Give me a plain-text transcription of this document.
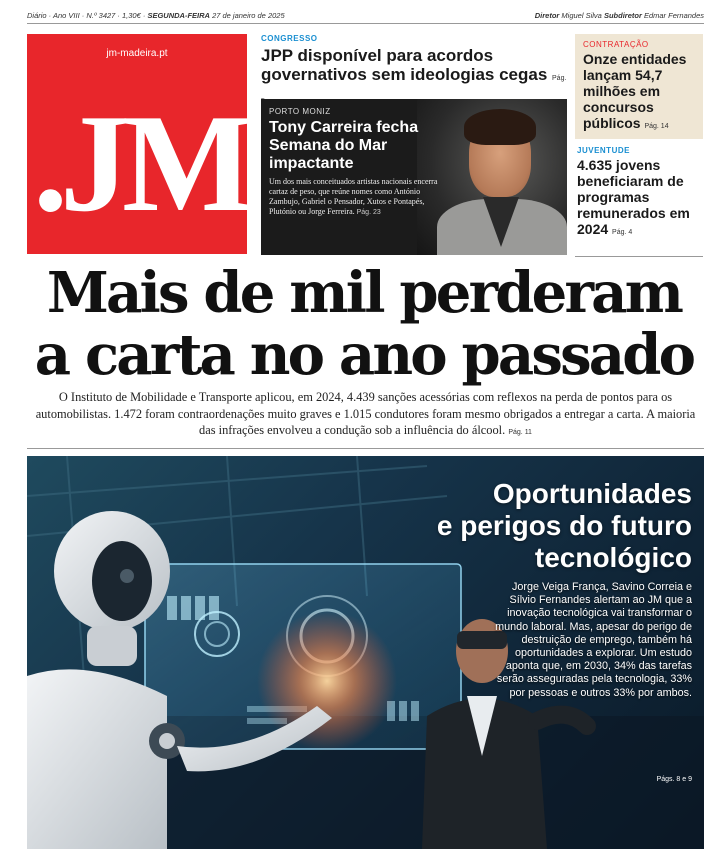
Diário · Ano VIII · N.º 3427 · 1,30€ · SEGUNDA-FEIRA 27 de janeiro de 2025	Diretor Miguel Silva Subdiretor Edmar Fernandes
jm-madeira.pt
.JM
CONGRESSO
JPP disponível para acordos governativos sem ideologias cegas Pág.
PORTO MONIZ
Tony Carreira fecha Semana do Mar impactante
Um dos mais conceituados artistas nacionais encerra cartaz de peso, que reúne nomes como António Zambujo, Gabriel o Pensador, Xutos e Pontapés, Plutónio ou Jorge Ferreira. Pág. 23
CONTRATAÇÃO
Onze entidades lançam 54,7 milhões em concursos públicos Pág. 14
JUVENTUDE
4.635 jovens beneficiaram de programas remunerados em 2024 Pág. 4
Mais de mil perderam
a carta no ano passado
O Instituto de Mobilidade e Transporte aplicou, em 2024, 4.439 sanções acessórias com reflexos na perda de pontos para os automobilistas. 1.472 foram contraordenações muito graves e 1.015 condutores foram mesmo obrigados a entregar a carta. A maioria das infrações envolveu a condução sob a influência do álcool. Pág. 11
Oportunidades
e perigos do futuro
tecnológico
Jorge Veiga França, Savino Correia e Sílvio Fernandes alertam ao JM que a inovação tecnológica vai transformar o mundo laboral. Mas, apesar do perigo de destruição de emprego, também há oportunidades a explorar. Um estudo aponta que, em 2030, 34% das tarefas serão asseguradas pela tecnologia, 33% por pessoas e outros 33% por ambos.
Págs. 8 e 9
